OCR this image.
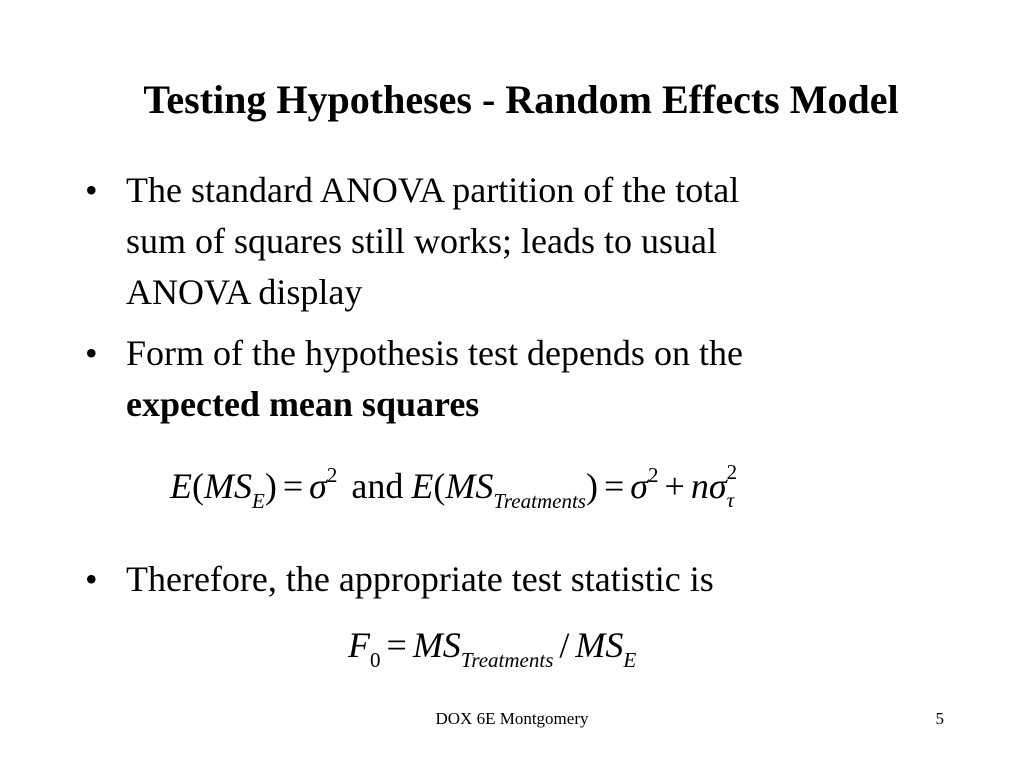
Testing Hypotheses - Random Effects Model
• The standard ANOVA partition of the total
sum of squares still works; leads to usual
ANOVA display
• Form of the hypothesis test depends on the
expected mean squares
$E(MS_E) = \sigma^2$ and $E(MS_{Treatments}) = \sigma^2 + n\sigma$ 2
τ
• Therefore, the appropriate test statistic is
$F_0 = MS_{Treatments} / MS_E$
DOX 6E Montgomery	5
